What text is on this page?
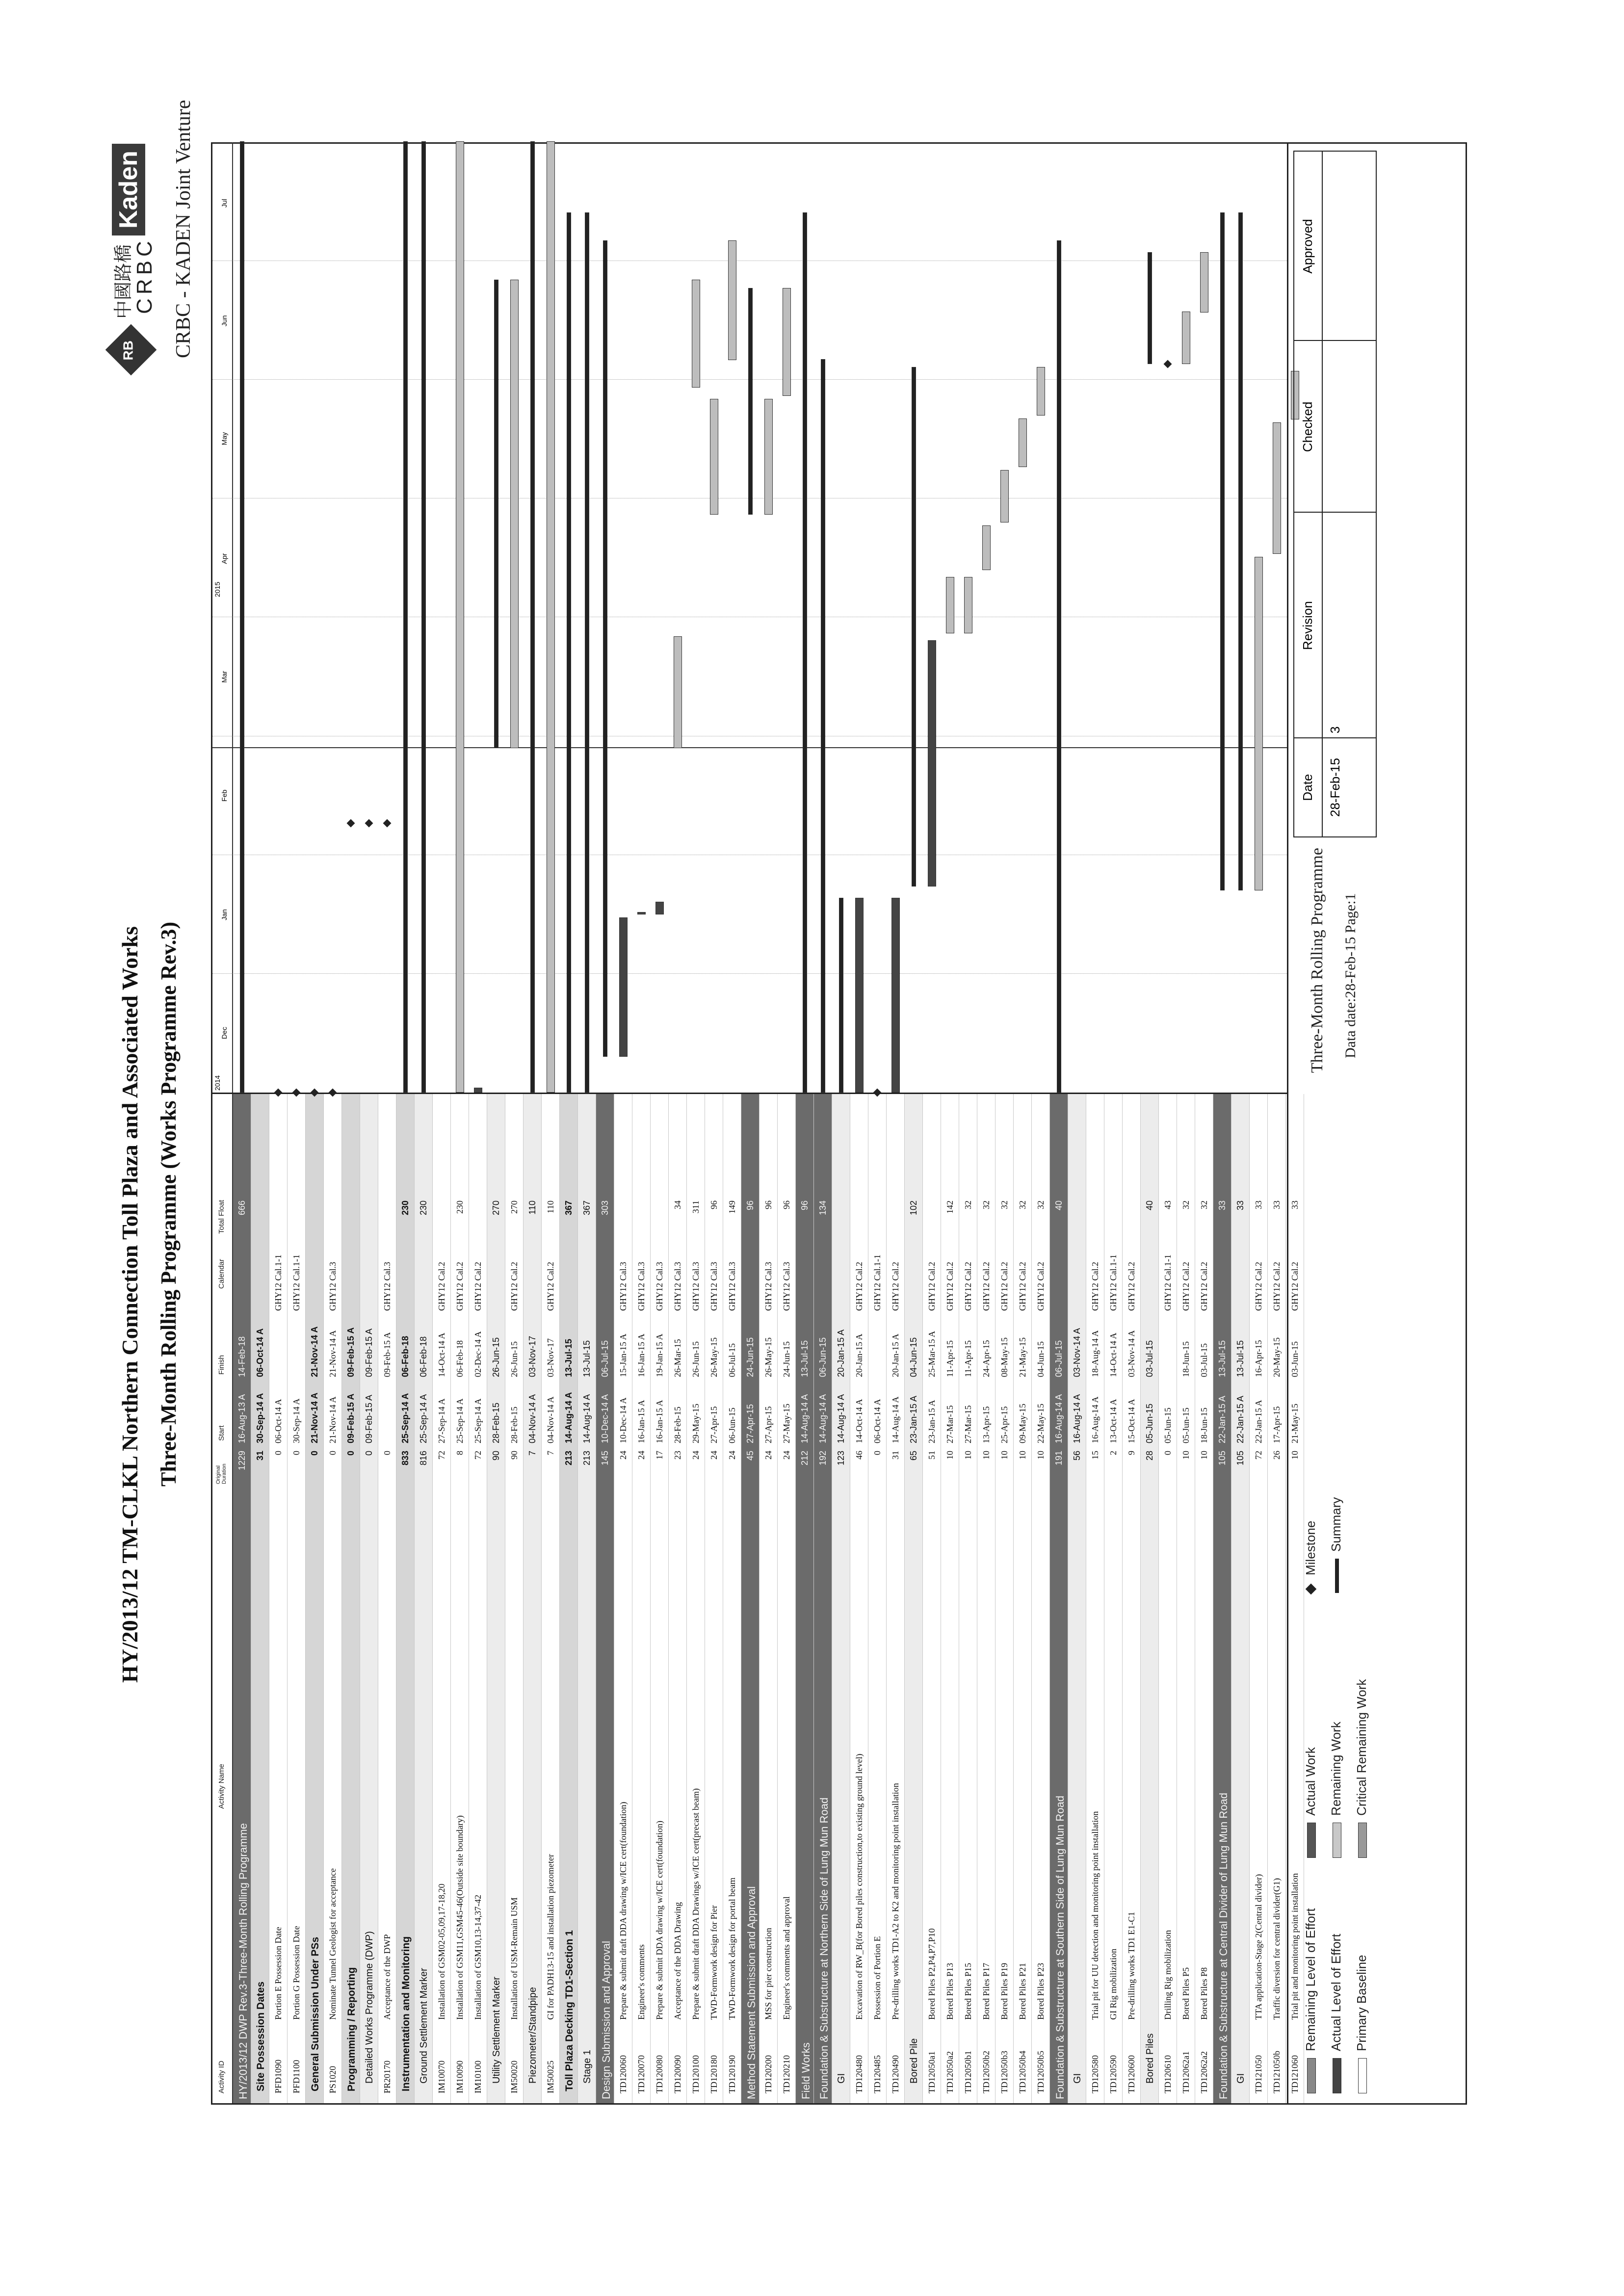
HY/2013/12 TM-CLKL Northern Connection Toll Plaza and Associated Works Three-Month Rolling Programme (Works Programme Rev.3)
RB
中國路橋
CRBC
Kaden CRBC - KADEN Joint Venture
Activity ID
Activity Name
Original Duration
Start
Finish
Calendar
Total Float
HY/2013/12 DWP Rev.3-Three-Month Rolling Programme
1229
16-Aug-13 A
14-Feb-18
666
Site Possession Dates
31
30-Sep-14 A
06-Oct-14 A
PFD1090
Portion E Possession Date
0
06-Oct-14 A
GHY12 Cal.1-1
PFD1100
Portion G Possession Date
0
30-Sep-14 A
GHY12 Cal.1-1
General Submission Under PSs
0
21-Nov-14 A
21-Nov-14 A
PS1020
Nominate Tunnel Geologist for acceptance
0
21-Nov-14 A
21-Nov-14 A
GHY12 Cal.3
Programming / Reporting
0
09-Feb-15 A
09-Feb-15 A
Detailed Works Programme (DWP)
0
09-Feb-15 A
09-Feb-15 A
PR20170
Acceptance of the DWP
0
09-Feb-15 A
GHY12 Cal.3
Instrumentation and Monitoring
833
25-Sep-14 A
06-Feb-18
230
Ground Settlement Marker
816
25-Sep-14 A
06-Feb-18
230
IM10070
Installation of GSM02-05,09,17-18,20
72
27-Sep-14 A
14-Oct-14 A
GHY12 Cal.2
IM10090
Installation of GSM11,GSM45-46(Outside site boundary)
8
25-Sep-14 A
06-Feb-18
GHY12 Cal.2
230
IM10100
Installation of GSM10,13-14,37-42
72
25-Sep-14 A
02-Dec-14 A
GHY12 Cal.2
Utility Settlement Marker
90
28-Feb-15
26-Jun-15
270
IM50020
Installation of USM-Remain USM
90
28-Feb-15
26-Jun-15
GHY12 Cal.2
270
Piezometer/Standpipe
7
04-Nov-14 A
03-Nov-17
110
IM50025
GI for PADH13-15 and installation piezometer
7
04-Nov-14 A
03-Nov-17
GHY12 Cal.2
110
Toll Plaza Decking TD1-Section 1
213
14-Aug-14 A
13-Jul-15
367
Stage 1
213
14-Aug-14 A
13-Jul-15
367
Design Submission and Approval
145
10-Dec-14 A
06-Jul-15
303
TD120060
Prepare & submit draft DDA drawing w/ICE cert(foundation)
24
10-Dec-14 A
15-Jan-15 A
GHY12 Cal.3
TD120070
Engineer's comments
24
16-Jan-15 A
16-Jan-15 A
GHY12 Cal.3
TD120080
Prepare & submit DDA drawing w/ICE cert(foundation)
17
16-Jan-15 A
19-Jan-15 A
GHY12 Cal.3
TD120090
Acceptance of the DDA Drawing
23
28-Feb-15
26-Mar-15
GHY12 Cal.3
34
TD120100
Prepare & submit draft DDA Drawings w/ICE cert(precast beam)
24
29-May-15
26-Jun-15
GHY12 Cal.3
311
TD120180
TWD-Formwork design for Pier
24
27-Apr-15
26-May-15
GHY12 Cal.3
96
TD120190
TWD-Formwork design for portal beam
24
06-Jun-15
06-Jul-15
GHY12 Cal.3
149
Method Statement Submission and Approval
45
27-Apr-15
24-Jun-15
96
TD120200
MSS for pier construction
24
27-Apr-15
26-May-15
GHY12 Cal.3
96
TD120210
Engineer's comments and approval
24
27-May-15
24-Jun-15
GHY12 Cal.3
96
Field Works
212
14-Aug-14 A
13-Jul-15
96
Foundation & Substructure at Northern Side of Lung Mun Road
192
14-Aug-14 A
06-Jun-15
134
GI
123
14-Aug-14 A
20-Jan-15 A
TD120480
Excavation of RW_B(for Bored piles construction,to existing ground level)
46
14-Oct-14 A
20-Jan-15 A
GHY12 Cal.2
TD120485
Possession of Portion E
0
06-Oct-14 A
GHY12 Cal.1-1
TD120490
Pre-drilling works TD1-A2 to K2 and monitoring point installation
31
14-Aug-14 A
20-Jan-15 A
GHY12 Cal.2
Bored Pile
65
23-Jan-15 A
04-Jun-15
102
TD12050a1
Bored Piles P2,P4,P7,P10
51
23-Jan-15 A
25-Mar-15 A
GHY12 Cal.2
TD12050a2
Bored Piles P13
10
27-Mar-15
11-Apr-15
GHY12 Cal.2
142
TD12050b1
Bored Piles P15
10
27-Mar-15
11-Apr-15
GHY12 Cal.2
32
TD12050b2
Bored Piles P17
10
13-Apr-15
24-Apr-15
GHY12 Cal.2
32
TD12050b3
Bored Piles P19
10
25-Apr-15
08-May-15
GHY12 Cal.2
32
TD12050b4
Bored Piles P21
10
09-May-15
21-May-15
GHY12 Cal.2
32
TD12050b5
Bored Piles P23
10
22-May-15
04-Jun-15
GHY12 Cal.2
32
Foundation & Substructure at Southern Side of Lung Mun Road
191
16-Aug-14 A
06-Jul-15
40
GI
56
16-Aug-14 A
03-Nov-14 A
TD120580
Trial pit for UU detection and monitoring point installation
15
16-Aug-14 A
18-Aug-14 A
GHY12 Cal.2
TD120590
GI Rig mobilization
2
13-Oct-14 A
14-Oct-14 A
GHY12 Cal.1-1
TD120600
Pre-drilling works TD1 E1-C1
9
15-Oct-14 A
03-Nov-14 A
GHY12 Cal.2
Bored Piles
28
05-Jun-15
03-Jul-15
40
TD120610
Drilling Rig mobilization
0
05-Jun-15
GHY12 Cal.1-1
43
TD12062a1
Bored Piles P5
10
05-Jun-15
18-Jun-15
GHY12 Cal.2
32
TD12062a2
Bored Piles P8
10
18-Jun-15
03-Jul-15
GHY12 Cal.2
32
Foundation & Substructure at Central Divider of Lung Mun Road
105
22-Jan-15 A
13-Jul-15
33
GI
105
22-Jan-15 A
13-Jul-15
33
TD121050
TTA application-Stage 2(Central divider)
72
22-Jan-15 A
16-Apr-15
GHY12 Cal.2
33
TD121050b
Traffic diversion for central divider(G1)
26
17-Apr-15
20-May-15
GHY12 Cal.2
33
TD121060
Trial pit and monitoring point installation
10
21-May-15
03-Jun-15
GHY12 Cal.2
33
2014
2015
Dec
Jan
Feb
Mar
Apr
May
Jun
Jul
Remaining Level of Effort Actual Level of Effort Primary Baseline
Actual Work Remaining Work Critical Remaining Work
Milestone Summary
Three-Month Rolling Programme Data date:28-Feb-15 Page:1
Date
Revision
Checked
Approved
28-Feb-15
3
